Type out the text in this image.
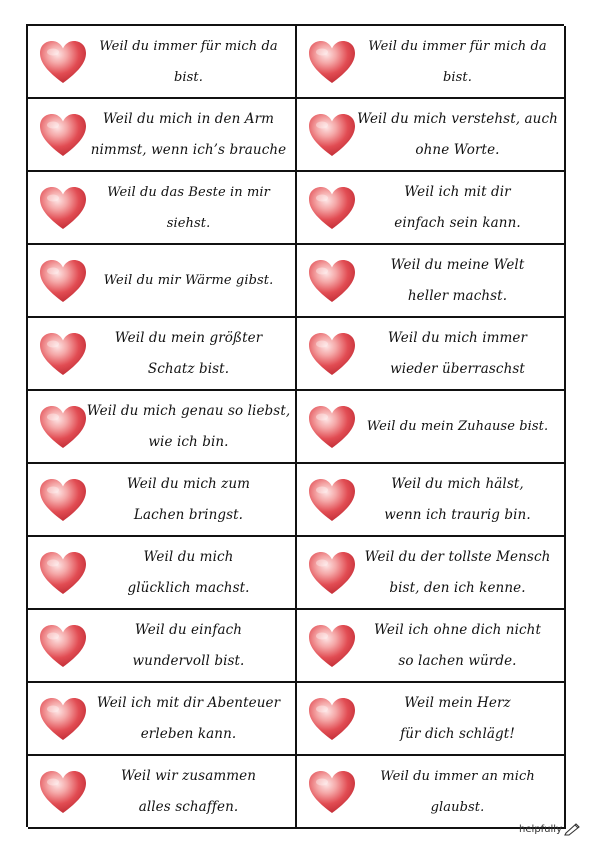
Weil du immer für mich da bist.
Weil du immer für mich da bist.
Weil du mich in den Arm
nimmst, wenn ich’s brauche
Weil du mich verstehst, auch
ohne Worte.
Weil du das Beste in mir siehst.
Weil ich mit dir
einfach sein kann.
Weil du mir Wärme gibst.
Weil du meine Welt
heller machst.
Weil du mein größter
Schatz bist.
Weil du mich immer
wieder überraschst
Weil du mich genau so liebst,
wie ich bin.
Weil du mein Zuhause bist.
Weil du mich zum
Lachen bringst.
Weil du mich hälst,
wenn ich traurig bin.
Weil du mich
glücklich machst.
Weil du der tollste Mensch
bist, den ich kenne.
Weil du einfach
wundervoll bist.
Weil ich ohne dich nicht
so lachen würde.
Weil ich mit dir Abenteuer
erleben kann.
Weil mein Herz
für dich schlägt!
Weil wir zusammen
alles schaffen.
Weil du immer an mich glaubst.
helpfully
